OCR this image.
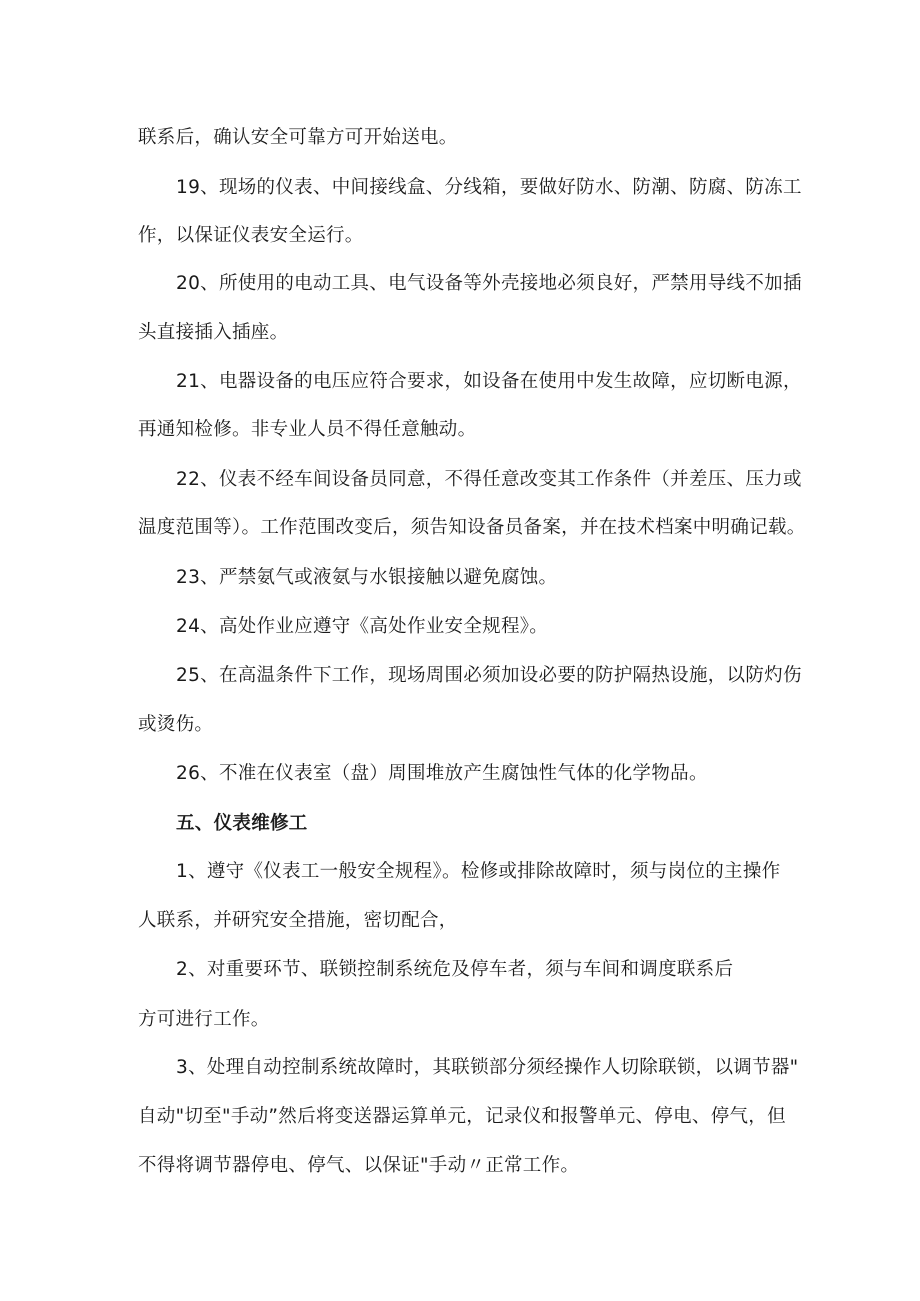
联系后，确认安全可靠方可开始送电。
19、现场的仪表、中间接线盒、分线箱，要做好防水、防潮、防腐、防冻工
作，以保证仪表安全运行。
20、所使用的电动工具、电气设备等外壳接地必须良好，严禁用导线不加插
头直接插入插座。
21、电器设备的电压应符合要求，如设备在使用中发生故障，应切断电源，
再通知检修。非专业人员不得任意触动。
22、仪表不经车间设备员同意，不得任意改变其工作条件（并差压、压力或
温度范围等）。工作范围改变后，须告知设备员备案，并在技术档案中明确记载。
23、严禁氨气或液氨与水银接触以避免腐蚀。
24、高处作业应遵守《高处作业安全规程》。
25、在高温条件下工作，现场周围必须加设必要的防护隔热设施，以防灼伤
或烫伤。
26、不准在仪表室（盘）周围堆放产生腐蚀性气体的化学物品。
五、仪表维修工
1、遵守《仪表工一般安全规程》。检修或排除故障时，须与岗位的主操作
人联系，并研究安全措施，密切配合，
2、对重要环节、联锁控制系统危及停车者，须与车间和调度联系后
方可进行工作。
3、处理自动控制系统故障时，其联锁部分须经操作人切除联锁，以调节器"
自动"切至"手动”然后将变送器运算单元，记录仪和报警单元、停电、停气，但
不得将调节器停电、停气、以保证"手动〃正常工作。
